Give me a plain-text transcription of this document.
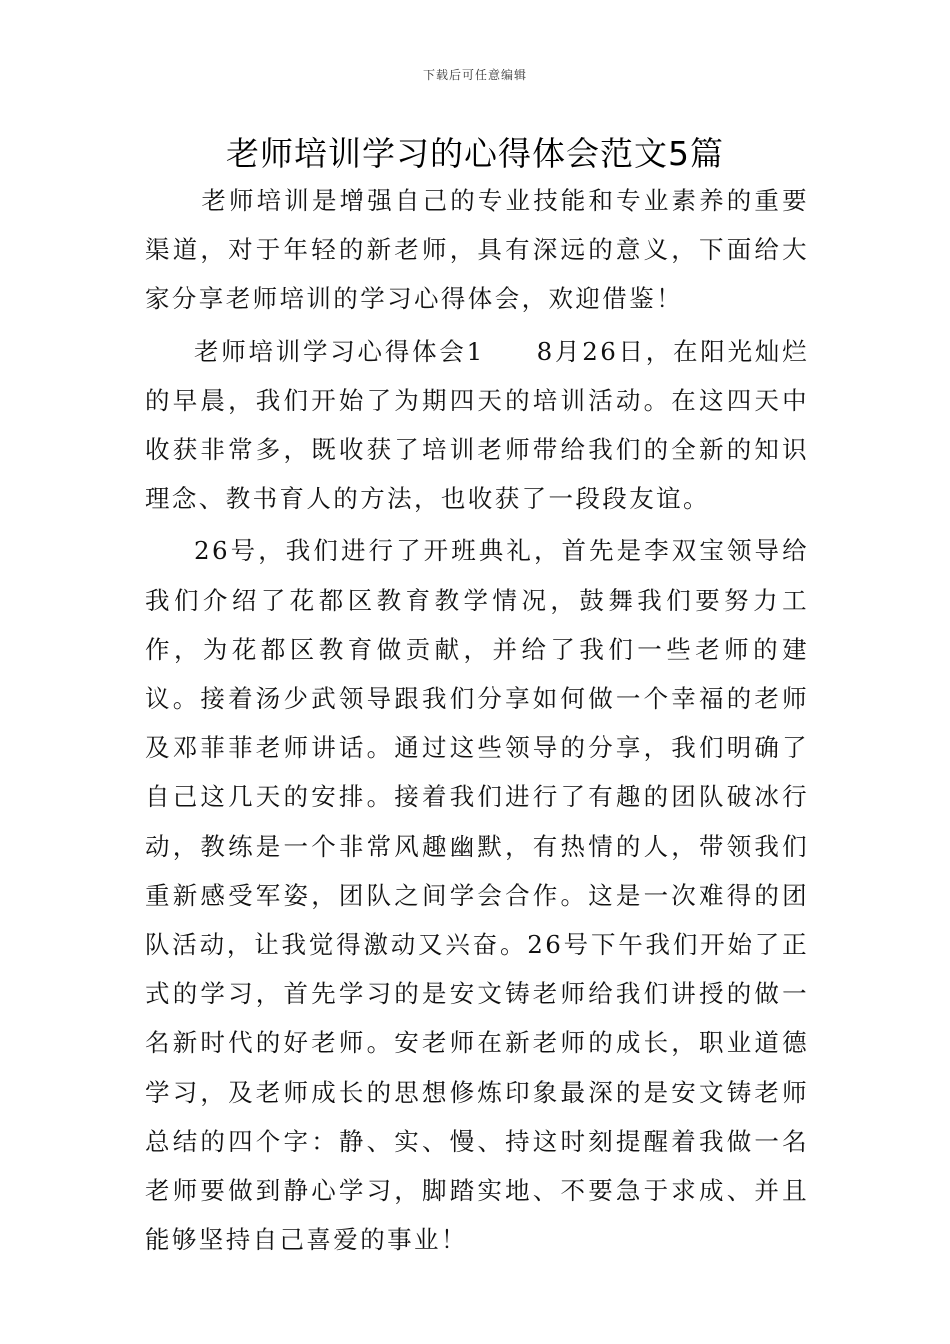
下载后可任意编辑
老师培训学习的心得体会范文5篇

老师培训是增强自己的专业技能和专业素养的重要渠道，对于年轻的新老师，具有深远的意义，下面给大家分享老师培训的学习心得体会，欢迎借鉴！

老师培训学习心得体会1 8月26日，在阳光灿烂的早晨，我们开始了为期四天的培训活动。在这四天中收获非常多，既收获了培训老师带给我们的全新的知识理念、教书育人的方法，也收获了一段段友谊。

26号，我们进行了开班典礼，首先是李双宝领导给我们介绍了花都区教育教学情况，鼓舞我们要努力工作，为花都区教育做贡献，并给了我们一些老师的建议。接着汤少武领导跟我们分享如何做一个幸福的老师及邓菲菲老师讲话。通过这些领导的分享，我们明确了自己这几天的安排。接着我们进行了有趣的团队破冰行动，教练是一个非常风趣幽默，有热情的人，带领我们重新感受军姿，团队之间学会合作。这是一次难得的团队活动，让我觉得激动又兴奋。26号下午我们开始了正式的学习，首先学习的是安文铸老师给我们讲授的做一名新时代的好老师。安老师在新老师的成长，职业道德学习，及老师成长的思想修炼印象最深的是安文铸老师总结的四个字：静、实、慢、持这时刻提醒着我做一名老师要做到静心学习，脚踏实地、不要急于求成、并且能够坚持自己喜爱的事业！
